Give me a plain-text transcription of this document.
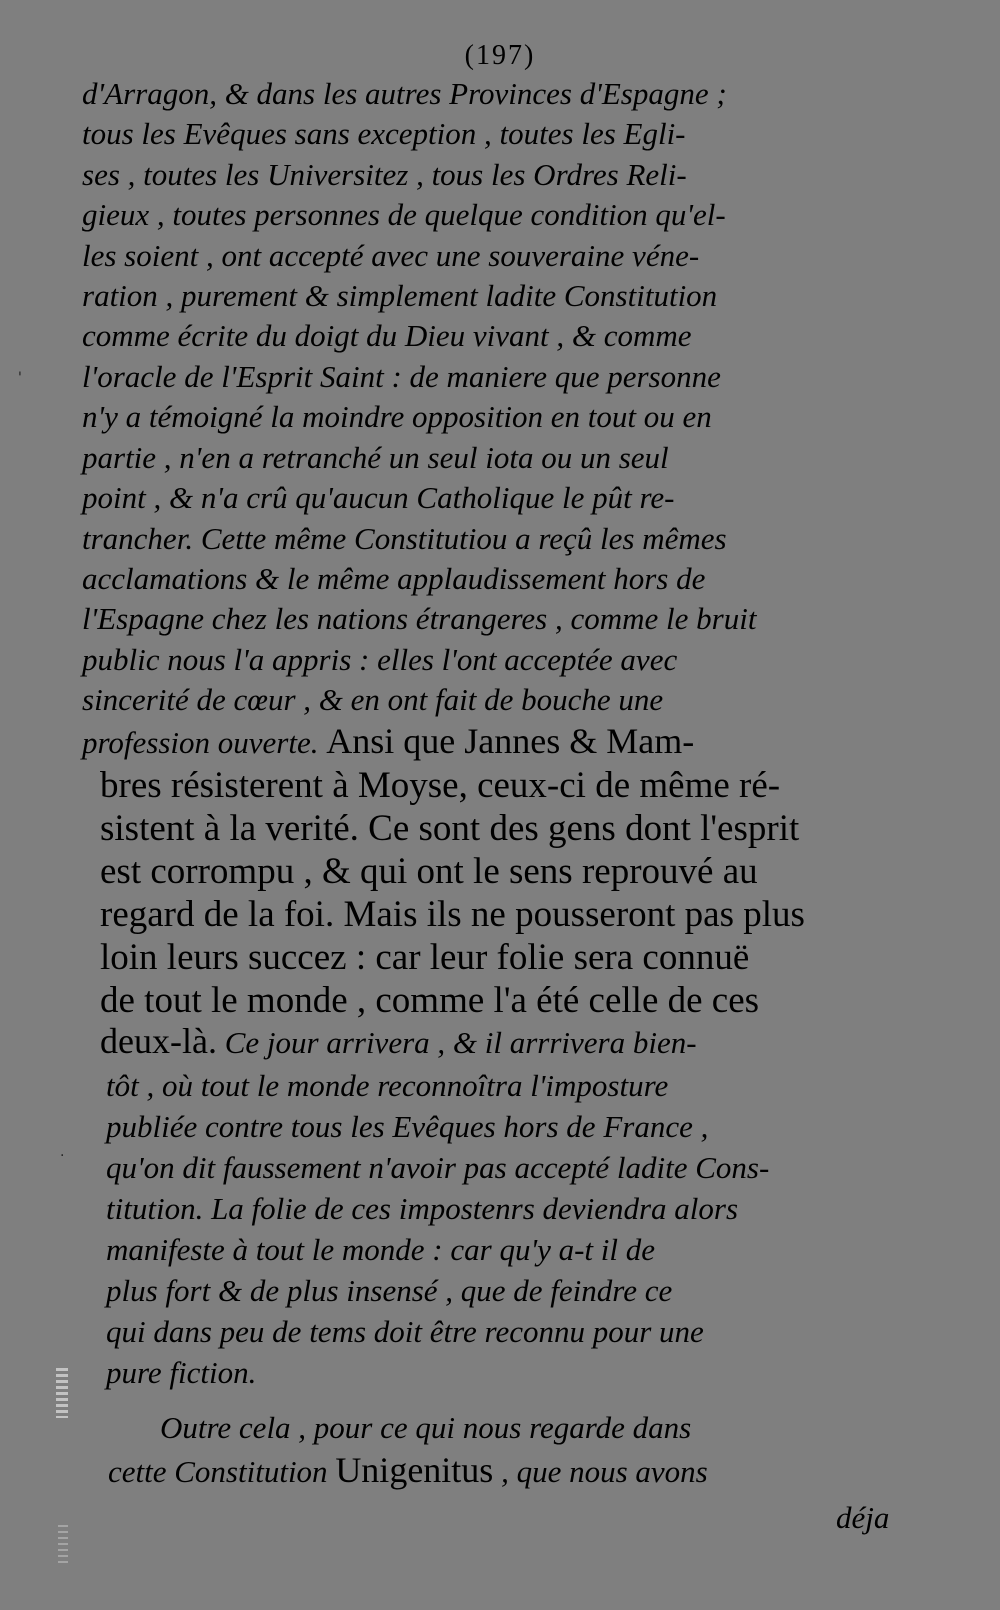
(197)
d'Arragon, & dans les autres Provinces d'Espagne ;
tous les Evêques sans exception , toutes les Egli-
ses , toutes les Universitez , tous les Ordres Reli-
gieux , toutes personnes de quelque condition qu'el-
les soient , ont accepté avec une souveraine véne-
ration , purement & simplement ladite Constitution
comme écrite du doigt du Dieu vivant , & comme
l'oracle de l'Esprit Saint : de maniere que personne
n'y a témoigné la moindre opposition en tout ou en
partie , n'en a retranché un seul iota ou un seul
point , & n'a crû qu'aucun Catholique le pût re-
trancher. Cette même Constitutiou a reçû les mêmes
acclamations & le même applaudissement hors de
l'Espagne chez les nations étrangeres , comme le bruit
public nous l'a appris : elles l'ont acceptée avec
sincerité de cœur , & en ont fait de bouche une
profession ouverte. Ansi que Jannes & Mam-
bres résisterent à Moyse, ceux-ci de même ré-
sistent à la verité. Ce sont des gens dont l'esprit
est corrompu , & qui ont le sens reprouvé au
regard de la foi. Mais ils ne pousseront pas plus
loin leurs succez : car leur folie sera connuë
de tout le monde , comme l'a été celle de ces
deux-là. Ce jour arrivera , & il arrrivera bien-
tôt , où tout le monde reconnoîtra l'imposture
publiée contre tous les Evêques hors de France ,
qu'on dit faussement n'avoir pas accepté ladite Cons-
titution. La folie de ces impostenrs deviendra alors
manifeste à tout le monde : car qu'y a-t il de
plus fort & de plus insensé , que de feindre ce
qui dans peu de tems doit être reconnu pour une
pure fiction.
Outre cela , pour ce qui nous regarde dans
cette Constitution Unigenitus , que nous avons
déja
'
·
